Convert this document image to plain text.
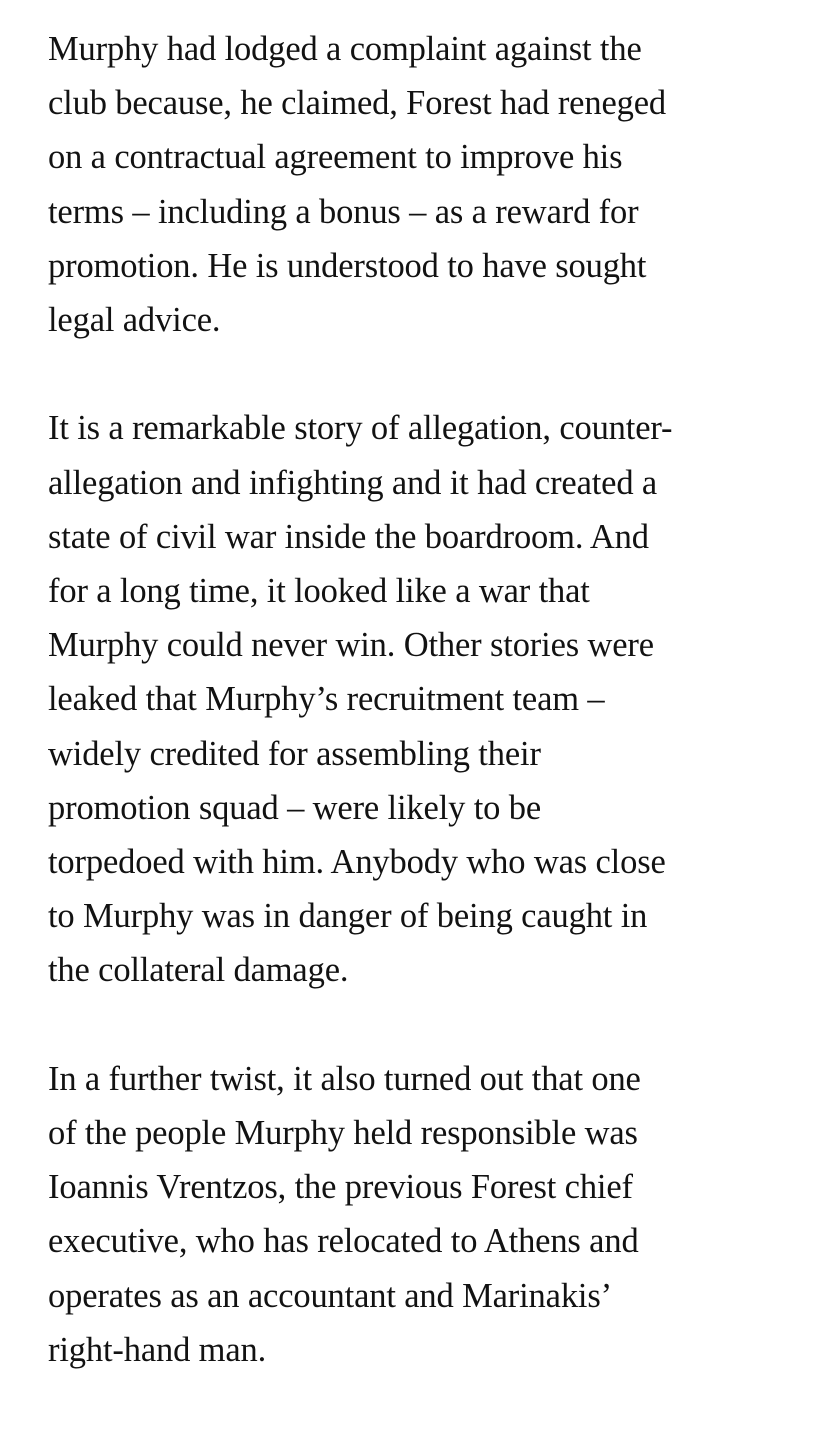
Murphy had lodged a complaint against the
club because, he claimed, Forest had reneged
on a contractual agreement to improve his
terms – including a bonus – as a reward for
promotion. He is understood to have sought
legal advice.

It is a remarkable story of allegation, counter-
allegation and infighting and it had created a
state of civil war inside the boardroom. And
for a long time, it looked like a war that
Murphy could never win. Other stories were
leaked that Murphy’s recruitment team –
widely credited for assembling their
promotion squad – were likely to be
torpedoed with him. Anybody who was close
to Murphy was in danger of being caught in
the collateral damage.

In a further twist, it also turned out that one
of the people Murphy held responsible was
Ioannis Vrentzos, the previous Forest chief
executive, who has relocated to Athens and
operates as an accountant and Marinakis’
right-hand man.
